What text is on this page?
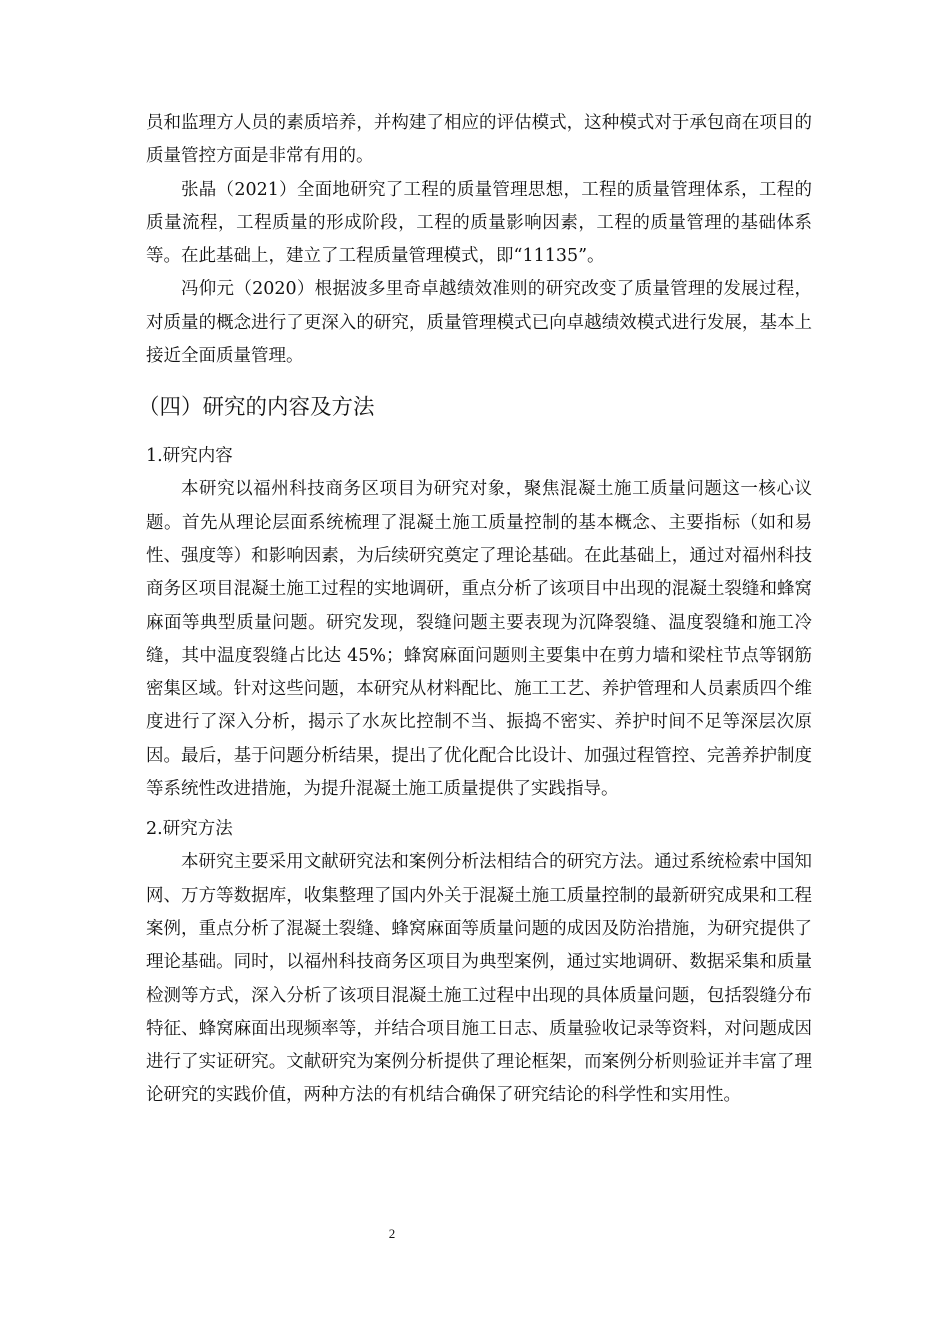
员和监理方人员的素质培养，并构建了相应的评估模式，这种模式对于承包商在项目的质量管控方面是非常有用的。

张晶（2021）全面地研究了工程的质量管理思想，工程的质量管理体系，工程的质量流程，工程质量的形成阶段，工程的质量影响因素，工程的质量管理的基础体系等。在此基础上，建立了工程质量管理模式，即“11135”。

冯仰元（2020）根据波多里奇卓越绩效准则的研究改变了质量管理的发展过程，对质量的概念进行了更深入的研究，质量管理模式已向卓越绩效模式进行发展，基本上接近全面质量管理。

（四）研究的内容及方法
1.研究内容

本研究以福州科技商务区项目为研究对象，聚焦混凝土施工质量问题这一核心议题。首先从理论层面系统梳理了混凝土施工质量控制的基本概念、主要指标（如和易性、强度等）和影响因素，为后续研究奠定了理论基础。在此基础上，通过对福州科技商务区项目混凝土施工过程的实地调研，重点分析了该项目中出现的混凝土裂缝和蜂窝麻面等典型质量问题。研究发现，裂缝问题主要表现为沉降裂缝、温度裂缝和施工冷缝，其中温度裂缝占比达 45%；蜂窝麻面问题则主要集中在剪力墙和梁柱节点等钢筋密集区域。针对这些问题，本研究从材料配比、施工工艺、养护管理和人员素质四个维度进行了深入分析，揭示了水灰比控制不当、振捣不密实、养护时间不足等深层次原因。最后，基于问题分析结果，提出了优化配合比设计、加强过程管控、完善养护制度等系统性改进措施，为提升混凝土施工质量提供了实践指导。

2.研究方法

本研究主要采用文献研究法和案例分析法相结合的研究方法。通过系统检索中国知网、万方等数据库，收集整理了国内外关于混凝土施工质量控制的最新研究成果和工程案例，重点分析了混凝土裂缝、蜂窝麻面等质量问题的成因及防治措施，为研究提供了理论基础。同时，以福州科技商务区项目为典型案例，通过实地调研、数据采集和质量检测等方式，深入分析了该项目混凝土施工过程中出现的具体质量问题，包括裂缝分布特征、蜂窝麻面出现频率等，并结合项目施工日志、质量验收记录等资料，对问题成因进行了实证研究。文献研究为案例分析提供了理论框架，而案例分析则验证并丰富了理论研究的实践价值，两种方法的有机结合确保了研究结论的科学性和实用性。

2
